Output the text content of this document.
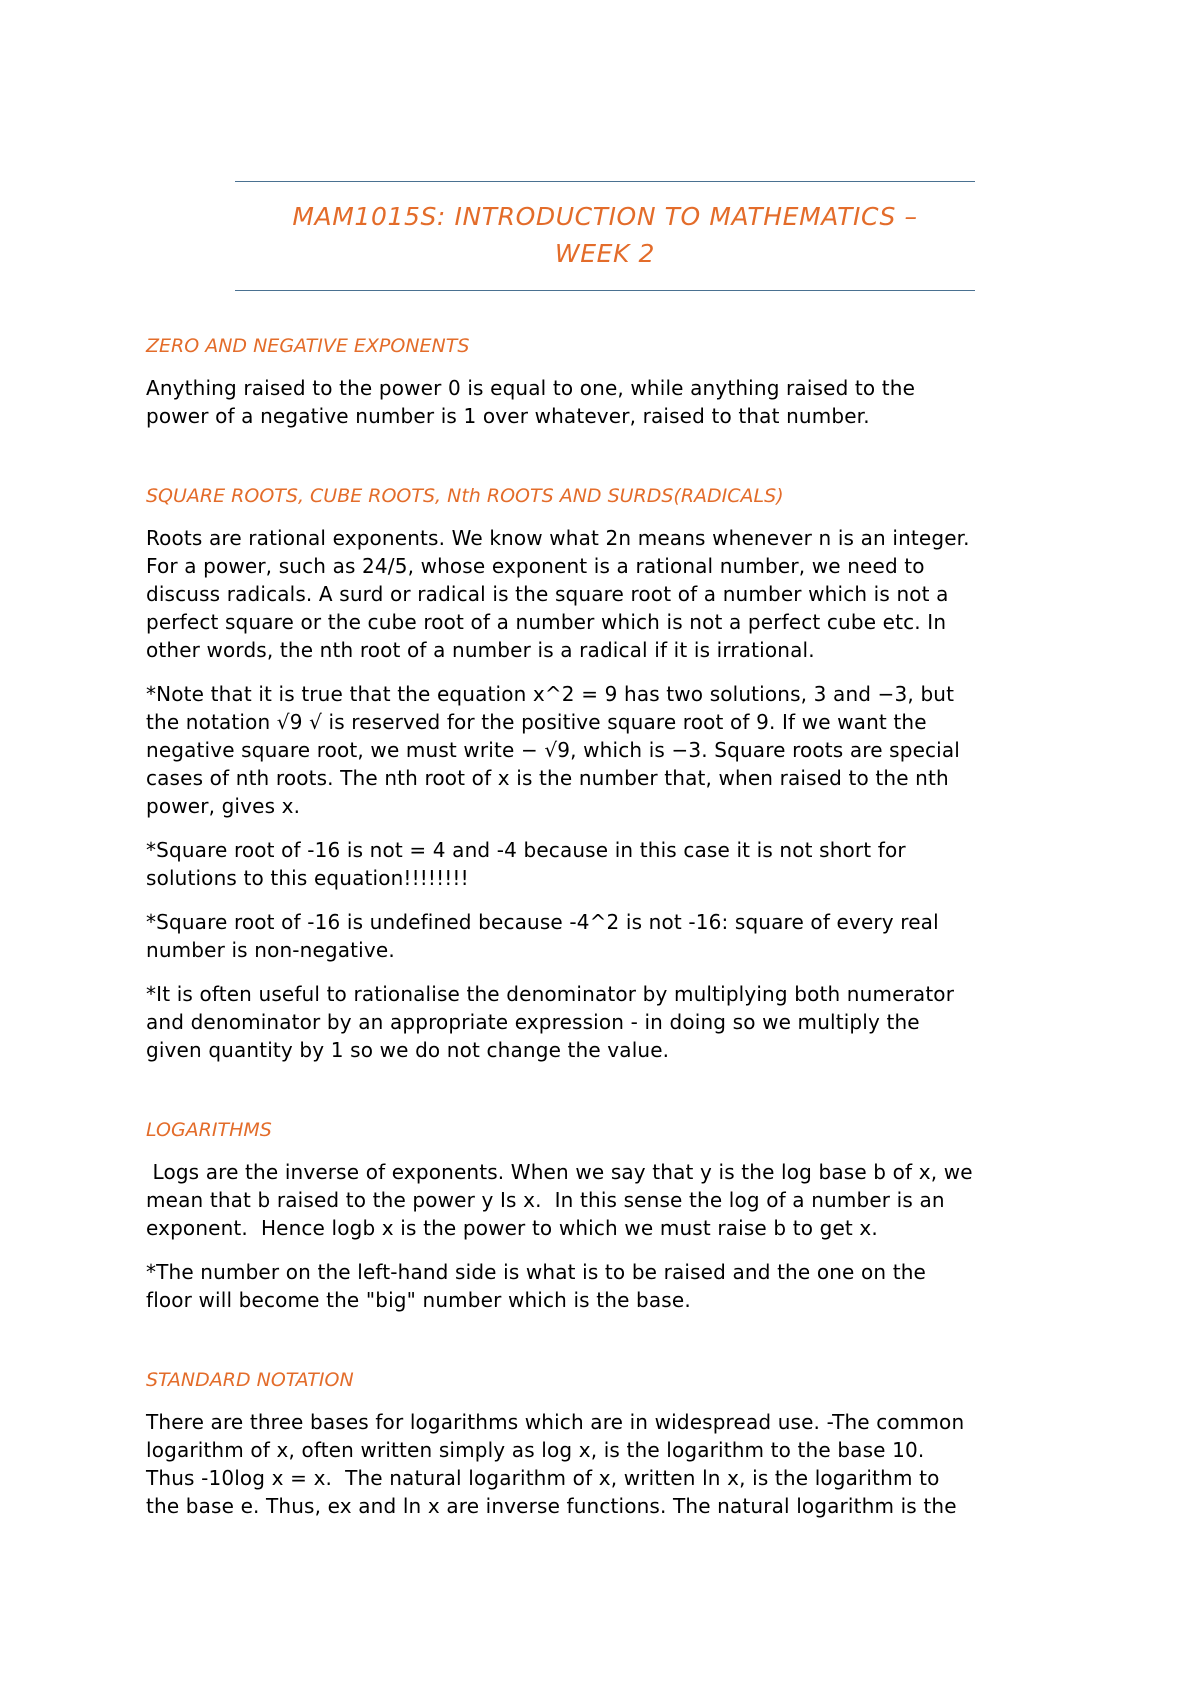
MAM1015S: INTRODUCTION TO MATHEMATICS –
WEEK 2
ZERO AND NEGATIVE EXPONENTS
Anything raised to the power 0 is equal to one, while anything raised to the
power of a negative number is 1 over whatever, raised to that number.
SQUARE ROOTS, CUBE ROOTS, Nth ROOTS AND SURDS(RADICALS)
Roots are rational exponents. We know what 2n means whenever n is an integer.
For a power, such as 24/5, whose exponent is a rational number, we need to
discuss radicals. A surd or radical is the square root of a number which is not a
perfect square or the cube root of a number which is not a perfect cube etc. In
other words, the nth root of a number is a radical if it is irrational.
*Note that it is true that the equation x^2 = 9 has two solutions, 3 and −3, but
the notation √9 √ is reserved for the positive square root of 9. If we want the
negative square root, we must write − √9, which is −3. Square roots are special
cases of nth roots. The nth root of x is the number that, when raised to the nth
power, gives x.
*Square root of -16 is not = 4 and -4 because in this case it is not short for
solutions to this equation!!!!!!!!
*Square root of -16 is undefined because -4^2 is not -16: square of every real
number is non-negative.
*It is often useful to rationalise the denominator by multiplying both numerator
and denominator by an appropriate expression - in doing so we multiply the
given quantity by 1 so we do not change the value.
LOGARITHMS
Logs are the inverse of exponents. When we say that y is the log base b of x, we
mean that b raised to the power y Is x.  In this sense the log of a number is an
exponent.  Hence logb x is the power to which we must raise b to get x.
*The number on the left-hand side is what is to be raised and the one on the
floor will become the "big" number which is the base.
STANDARD NOTATION
There are three bases for logarithms which are in widespread use. -The common
logarithm of x, often written simply as log x, is the logarithm to the base 10.
Thus -10log x = x.  The natural logarithm of x, written ln x, is the logarithm to
the base e. Thus, ex and ln x are inverse functions. The natural logarithm is the
